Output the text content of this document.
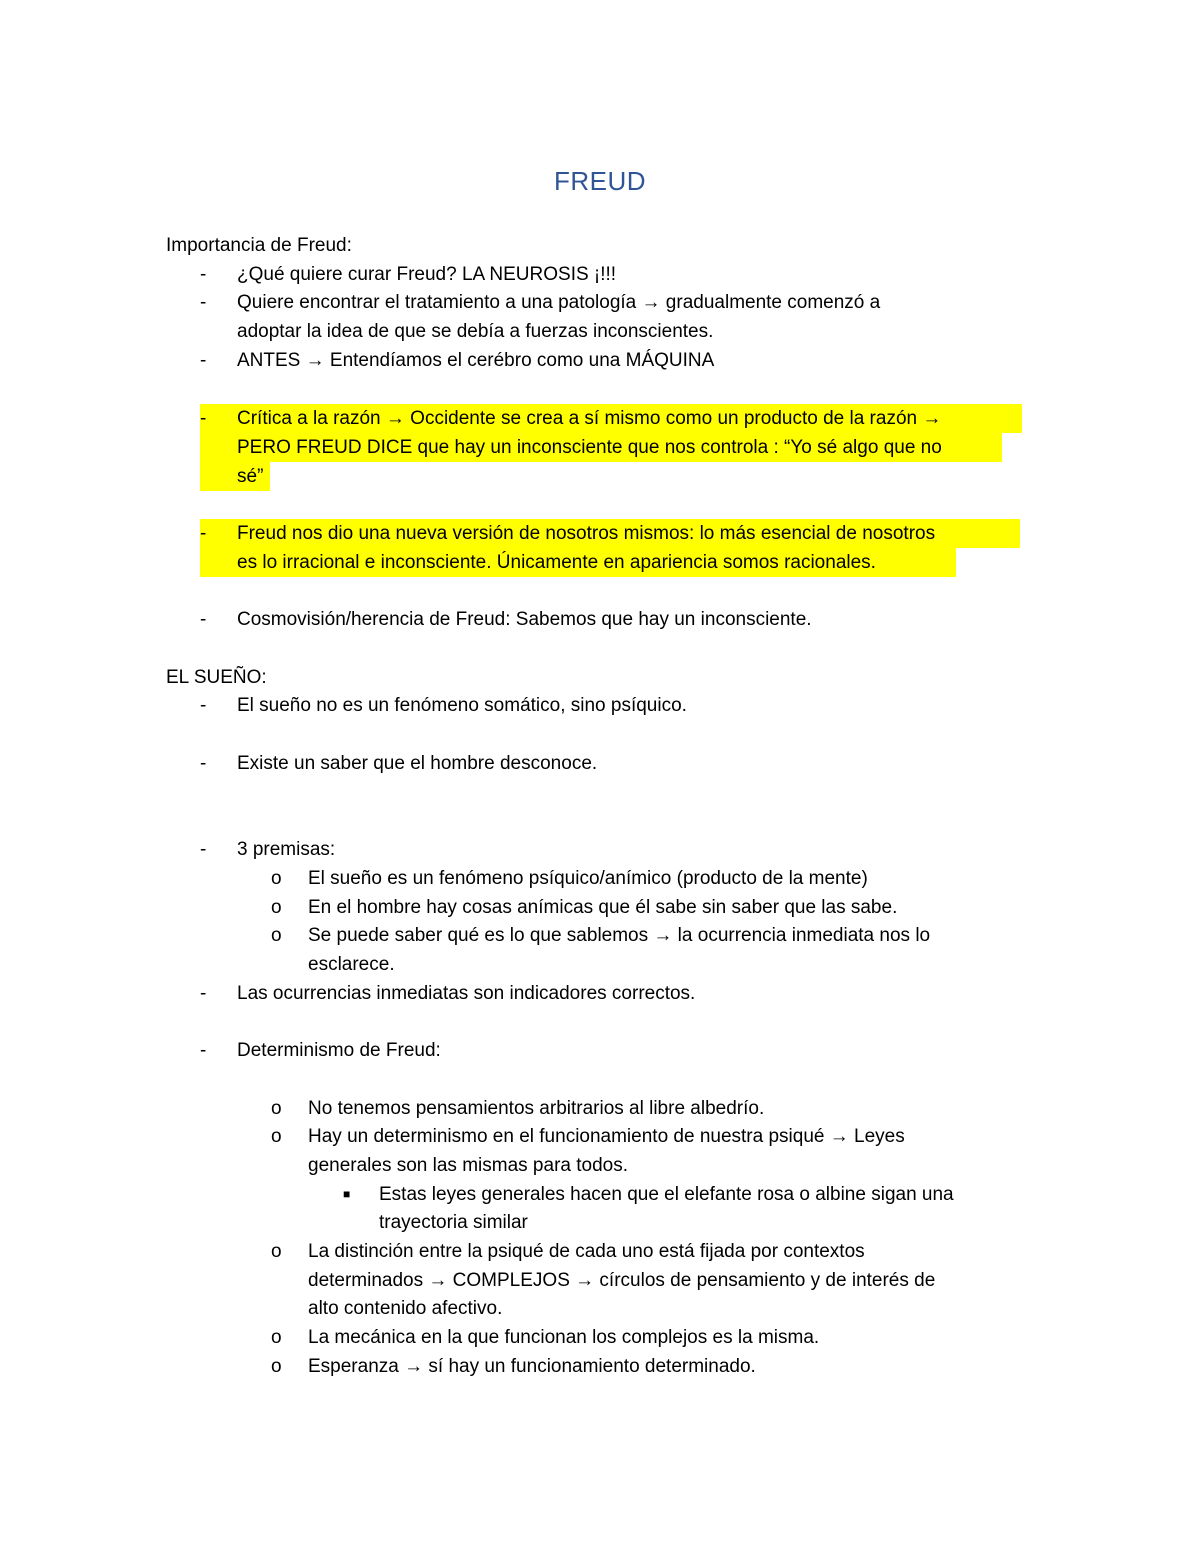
FREUD
Importancia de Freud:
- ¿Qué quiere curar Freud? LA NEUROSIS ¡!!!
- Quiere encontrar el tratamiento a una patología → gradualmente comenzó a
adoptar la idea de que se debía a fuerzas inconscientes.
- ANTES → Entendíamos el cerébro como una MÁQUINA
- Crítica a la razón → Occidente se crea a sí mismo como un producto de la razón →
PERO FREUD DICE que hay un inconsciente que nos controla : “Yo sé algo que no
sé”
- Freud nos dio una nueva versión de nosotros mismos: lo más esencial de nosotros
es lo irracional e inconsciente. Únicamente en apariencia somos racionales.
- Cosmovisión/herencia de Freud: Sabemos que hay un inconsciente.
EL SUEÑO:
- El sueño no es un fenómeno somático, sino psíquico.
- Existe un saber que el hombre desconoce.
- 3 premisas:
o El sueño es un fenómeno psíquico/anímico (producto de la mente)
o En el hombre hay cosas anímicas que él sabe sin saber que las sabe.
o Se puede saber qué es lo que sablemos → la ocurrencia inmediata nos lo
esclarece.
- Las ocurrencias inmediatas son indicadores correctos.
- Determinismo de Freud:
o No tenemos pensamientos arbitrarios al libre albedrío.
o Hay un determinismo en el funcionamiento de nuestra psiqué → Leyes
generales son las mismas para todos.
■ Estas leyes generales hacen que el elefante rosa o albine sigan una
trayectoria similar
o La distinción entre la psiqué de cada uno está fijada por contextos
determinados → COMPLEJOS → círculos de pensamiento y de interés de
alto contenido afectivo.
o La mecánica en la que funcionan los complejos es la misma.
o Esperanza → sí hay un funcionamiento determinado.
